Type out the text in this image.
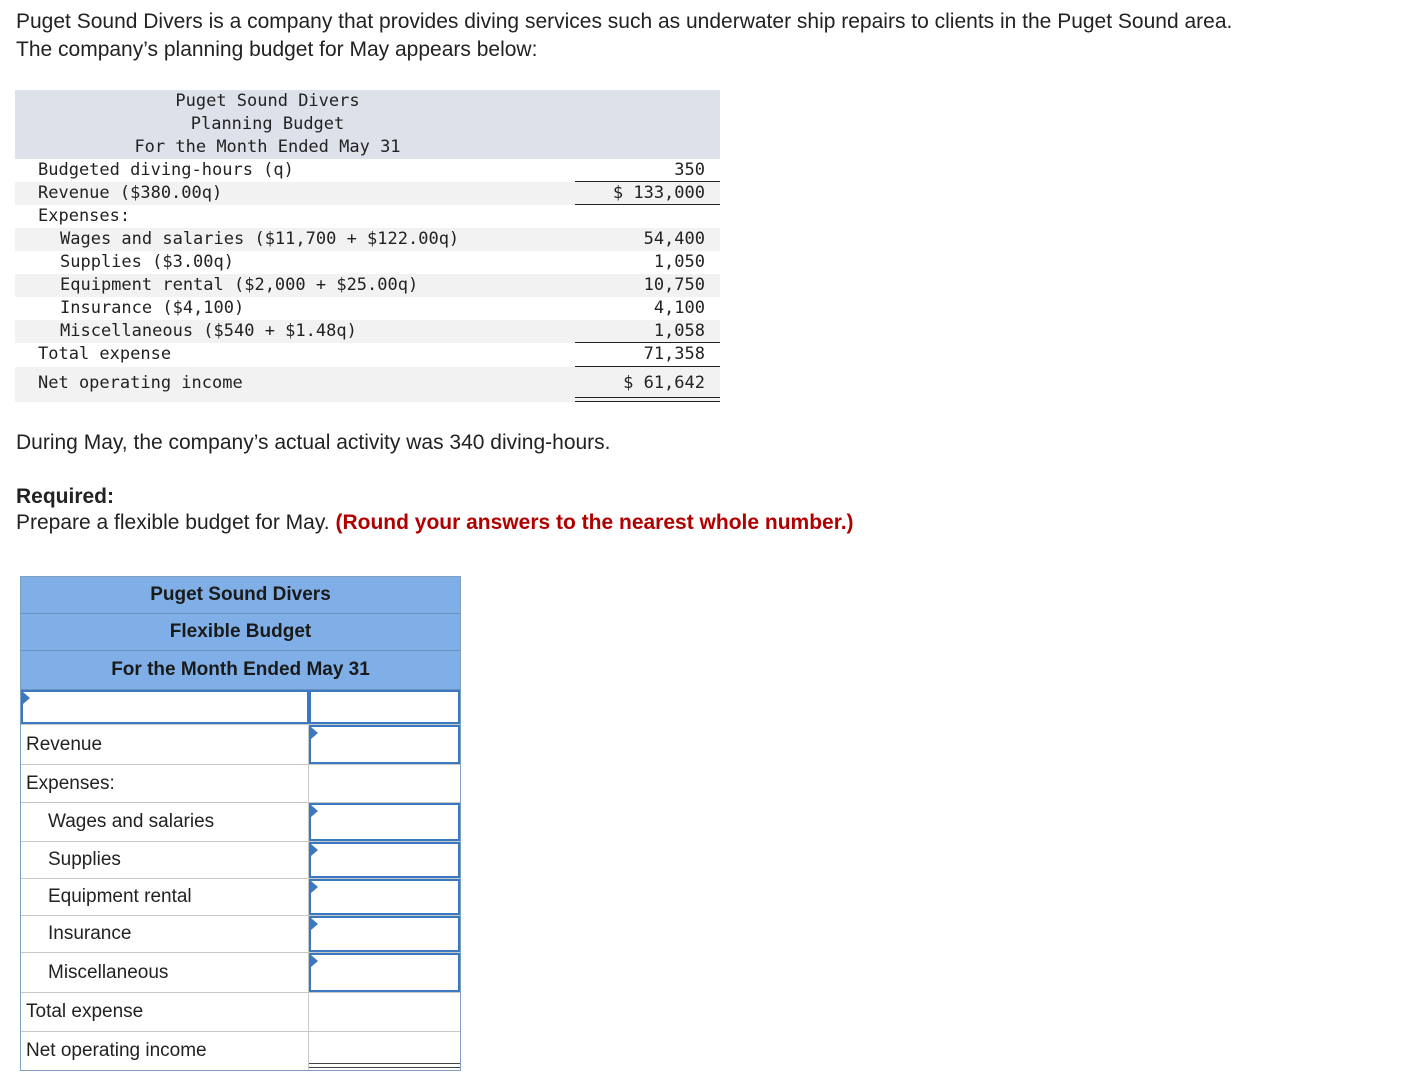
Puget Sound Divers is a company that provides diving services such as underwater ship repairs to clients in the Puget Sound area.
The company’s planning budget for May appears below:
Puget Sound Divers
Planning Budget
For the Month Ended May 31
Budgeted diving-hours (q)	350
Revenue ($380.00q)	$ 133,000
Expenses:
Wages and salaries ($11,700 + $122.00q)	54,400
Supplies ($3.00q)	1,050
Equipment rental ($2,000 + $25.00q)	10,750
Insurance ($4,100)	4,100
Miscellaneous ($540 + $1.48q)	1,058
Total expense	71,358
Net operating income	$ 61,642
During May, the company’s actual activity was 340 diving-hours.
Required:
Prepare a flexible budget for May. (Round your answers to the nearest whole number.)
Puget Sound Divers
Flexible Budget
For the Month Ended May 31
Revenue
Expenses:
Wages and salaries
Supplies
Equipment rental
Insurance
Miscellaneous
Total expense
Net operating income
